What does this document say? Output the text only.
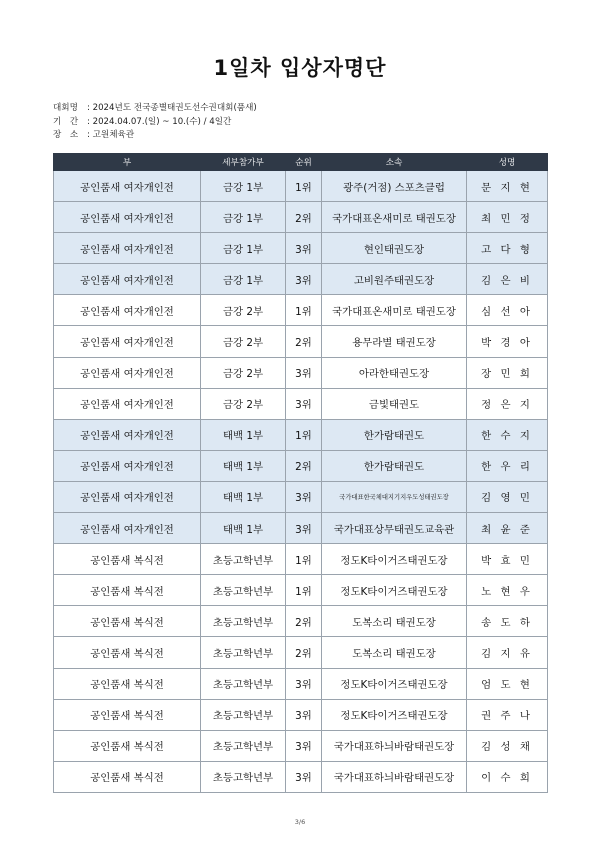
1일차 입상자명단
대회명 : 2024년도 전국종별태권도선수권대회(품새)
기　간 : 2024.04.07.(일) ~ 10.(수) / 4일간
장　소 : 고원체육관
부	세부참가부	순위	소속	성명
공인품새 여자개인전	금강 1부	1위	광주(거점) 스포츠클럽	문 지 현
공인품새 여자개인전	금강 1부	2위	국가대표온새미로 태권도장	최 민 정
공인품새 여자개인전	금강 1부	3위	현인태권도장	고 다 형
공인품새 여자개인전	금강 1부	3위	고비원주태권도장	김 은 비
공인품새 여자개인전	금강 2부	1위	국가대표온새미로 태권도장	심 선 아
공인품새 여자개인전	금강 2부	2위	용무라별 태권도장	박 경 아
공인품새 여자개인전	금강 2부	3위	아라한태권도장	장 민 희
공인품새 여자개인전	금강 2부	3위	금빛태권도	정 은 지
공인품새 여자개인전	태백 1부	1위	한가람태권도	한 수 지
공인품새 여자개인전	태백 1부	2위	한가람태권도	한 우 리
공인품새 여자개인전	태백 1부	3위	국가대표한국체대지기지우도성태권도장	김 영 민
공인품새 여자개인전	태백 1부	3위	국가대표상무태권도교육관	최 윤 준
공인품새 복식전	초등고학년부	1위	정도K타이거즈태권도장	박 효 민
공인품새 복식전	초등고학년부	1위	정도K타이거즈태권도장	노 현 우
공인품새 복식전	초등고학년부	2위	도복소리 태권도장	송 도 하
공인품새 복식전	초등고학년부	2위	도복소리 태권도장	김 지 유
공인품새 복식전	초등고학년부	3위	정도K타이거즈태권도장	엄 도 현
공인품새 복식전	초등고학년부	3위	정도K타이거즈태권도장	권 주 나
공인품새 복식전	초등고학년부	3위	국가대표하늬바람태권도장	김 성 채
공인품새 복식전	초등고학년부	3위	국가대표하늬바람태권도장	이 수 희
3/6
